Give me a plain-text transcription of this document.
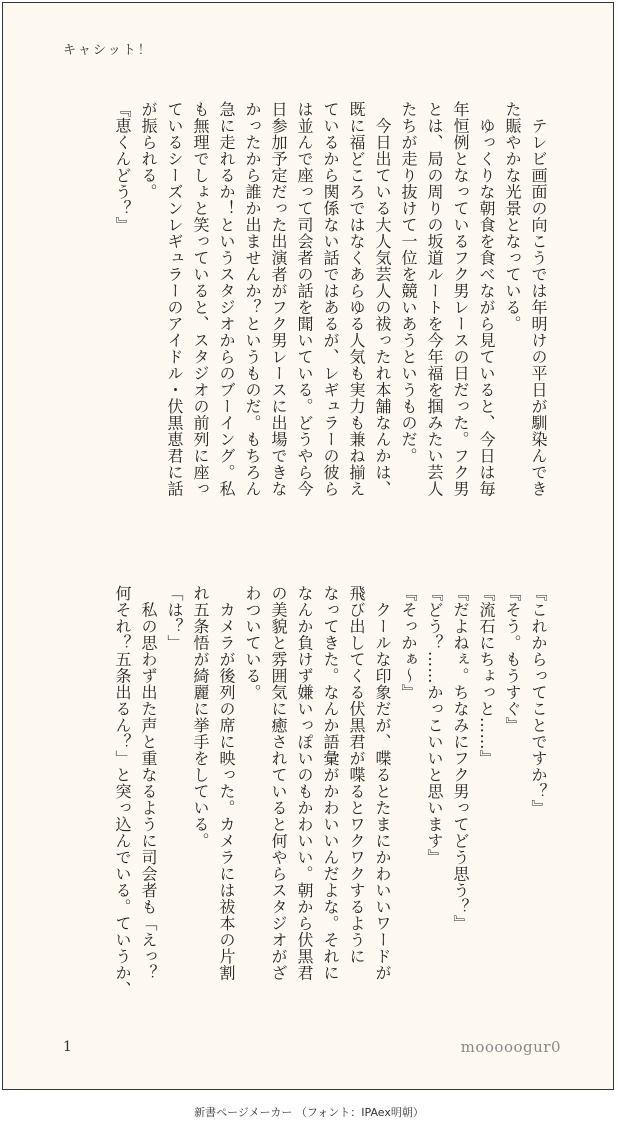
キャシット！
　テレビ画面の向こうでは年明けの平日が馴染んでき
た賑やかな光景となっている。
　ゆっくりな朝食を食べながら見ていると、今日は毎
年恒例となっているフク男レースの日だった。フク男
とは、局の周りの坂道ルートを今年福を掴みたい芸人
たちが走り抜けて一位を競いあうというものだ。
　今日出ている大人気芸人の祓ったれ本舗なんかは、
既に福どころではなくあらゆる人気も実力も兼ね揃え
ているから関係ない話ではあるが、レギュラーの彼ら
は並んで座って司会者の話を聞いている。どうやら今
日参加予定だった出演者がフク男レースに出場できな
かったから誰か出ませんか？というものだ。もちろん
急に走れるか！というスタジオからのブーイング。私
も無理でしょと笑っていると、スタジオの前列に座っ
ているシーズンレギュラーのアイドル・伏黒恵君に話
が振られる。
『恵くんどう？』
『これからってことですか？』
『そう。もうすぐ』
『流石にちょっと……』
『だよねぇ。ちなみにフク男ってどう思う？』
『どう？……かっこいいと思います』
『そっかぁ～』
　クールな印象だが、喋るとたまにかわいいワードが
飛び出してくる伏黒君が喋るとワクワクするように
なってきた。なんか語彙がかわいいんだよな。それに
なんか負けず嫌いっぽいのもかわいい。朝から伏黒君
の美貌と雰囲気に癒されていると何やらスタジオがざ
わついている。
　カメラが後列の席に映った。カメラには祓本の片割
れ五条悟が綺麗に挙手をしている。
「は？」
　私の思わず出た声と重なるように司会者も「えっ？
何それ？五条出るん？」と突っ込んでいる。ていうか、
1	mooooogur0
新書ページメーカー （フォント：IPAex明朝）
